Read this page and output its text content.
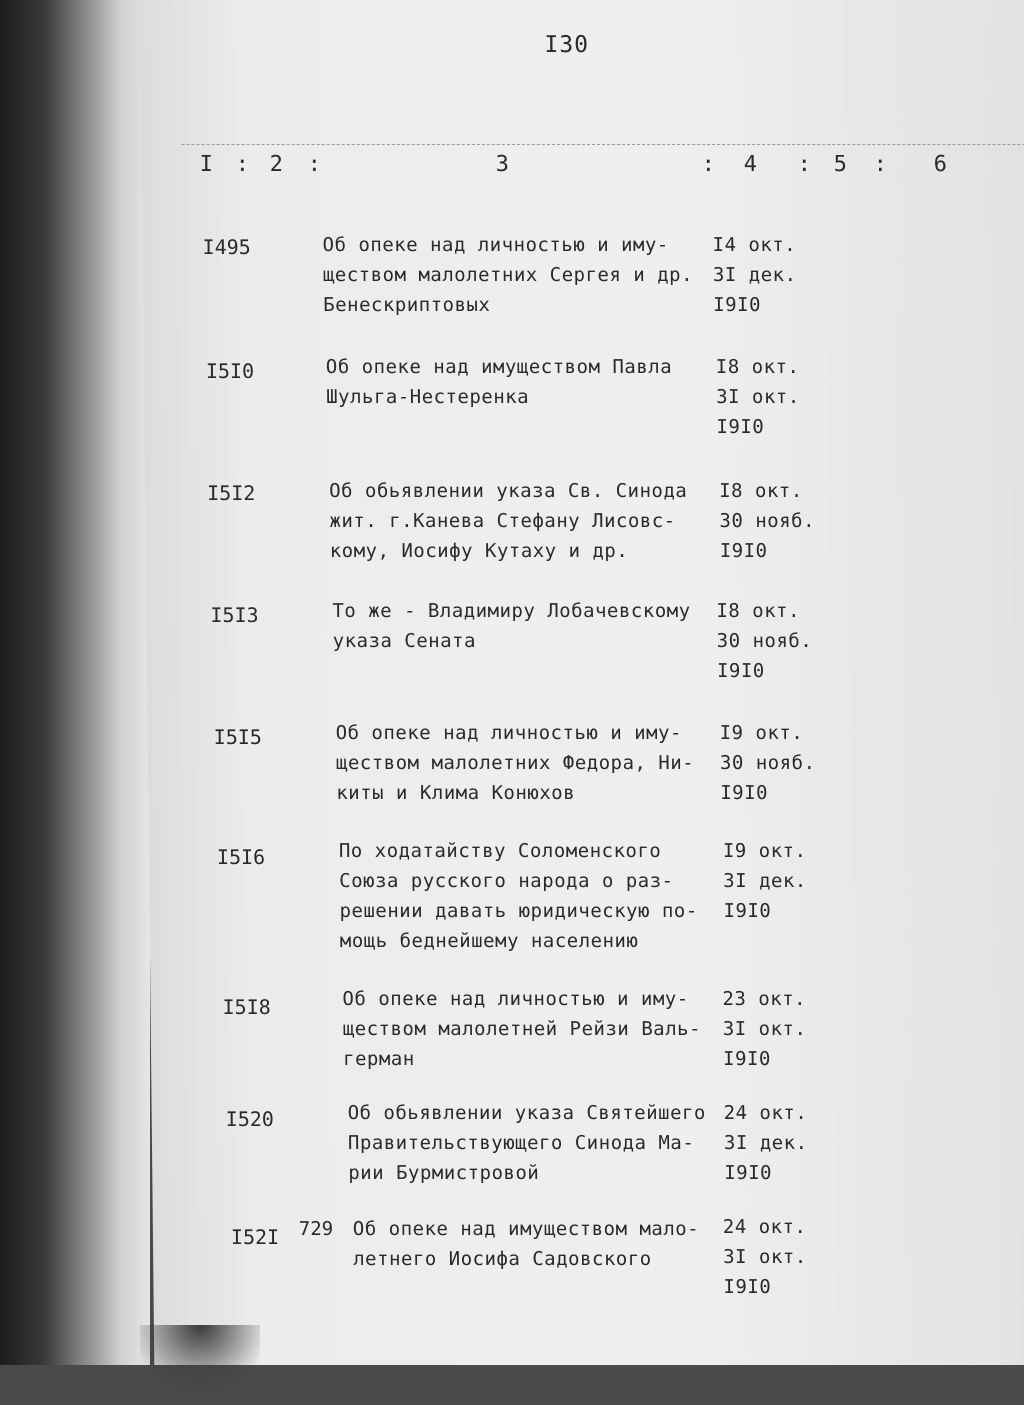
I30
I : 2 :	3	: 4 : 5 : 6
I495	Об опеке над личностью и иму-
ществом малолетних Сергея и др.
Бенескриптовых
I4 окт.
3I дек.
I9I0
I5I0	Об опеке над имуществом Павла
Шульга-Нестеренка
I8 окт.
3I окт.
I9I0
I5I2	Об обьявлении указа Св. Синода
жит. г.Канева Стефану Лисовс-
кому, Иосифу Кутаху и др.
I8 окт.
30 нояб.
I9I0
I5I3	То же - Владимиру Лобачевскому
указа Сената
I8 окт.
30 нояб.
I9I0
I5I5	Об опеке над личностью и иму-
ществом малолетних Федора, Ни-
киты и Клима Конюхов
I9 окт.
30 нояб.
I9I0
I5I6	По ходатайству Соломенского
Союза русского народа о раз-
решении давать юридическую по-
мощь беднейшему населению
I9 окт.
3I дек.
I9I0
I5I8	Об опеке над личностью и иму-
ществом малолетней Рейзи Валь-
герман
23 окт.
3I окт.
I9I0
I520	Об обьявлении указа Святейшего
Правительствующего Синода Ма-
рии Бурмистровой
24 окт.
3I дек.
I9I0
I52I 729 Об опеке над имуществом мало-
летнего Иосифа Садовского
24 окт.
3I окт.
I9I0
